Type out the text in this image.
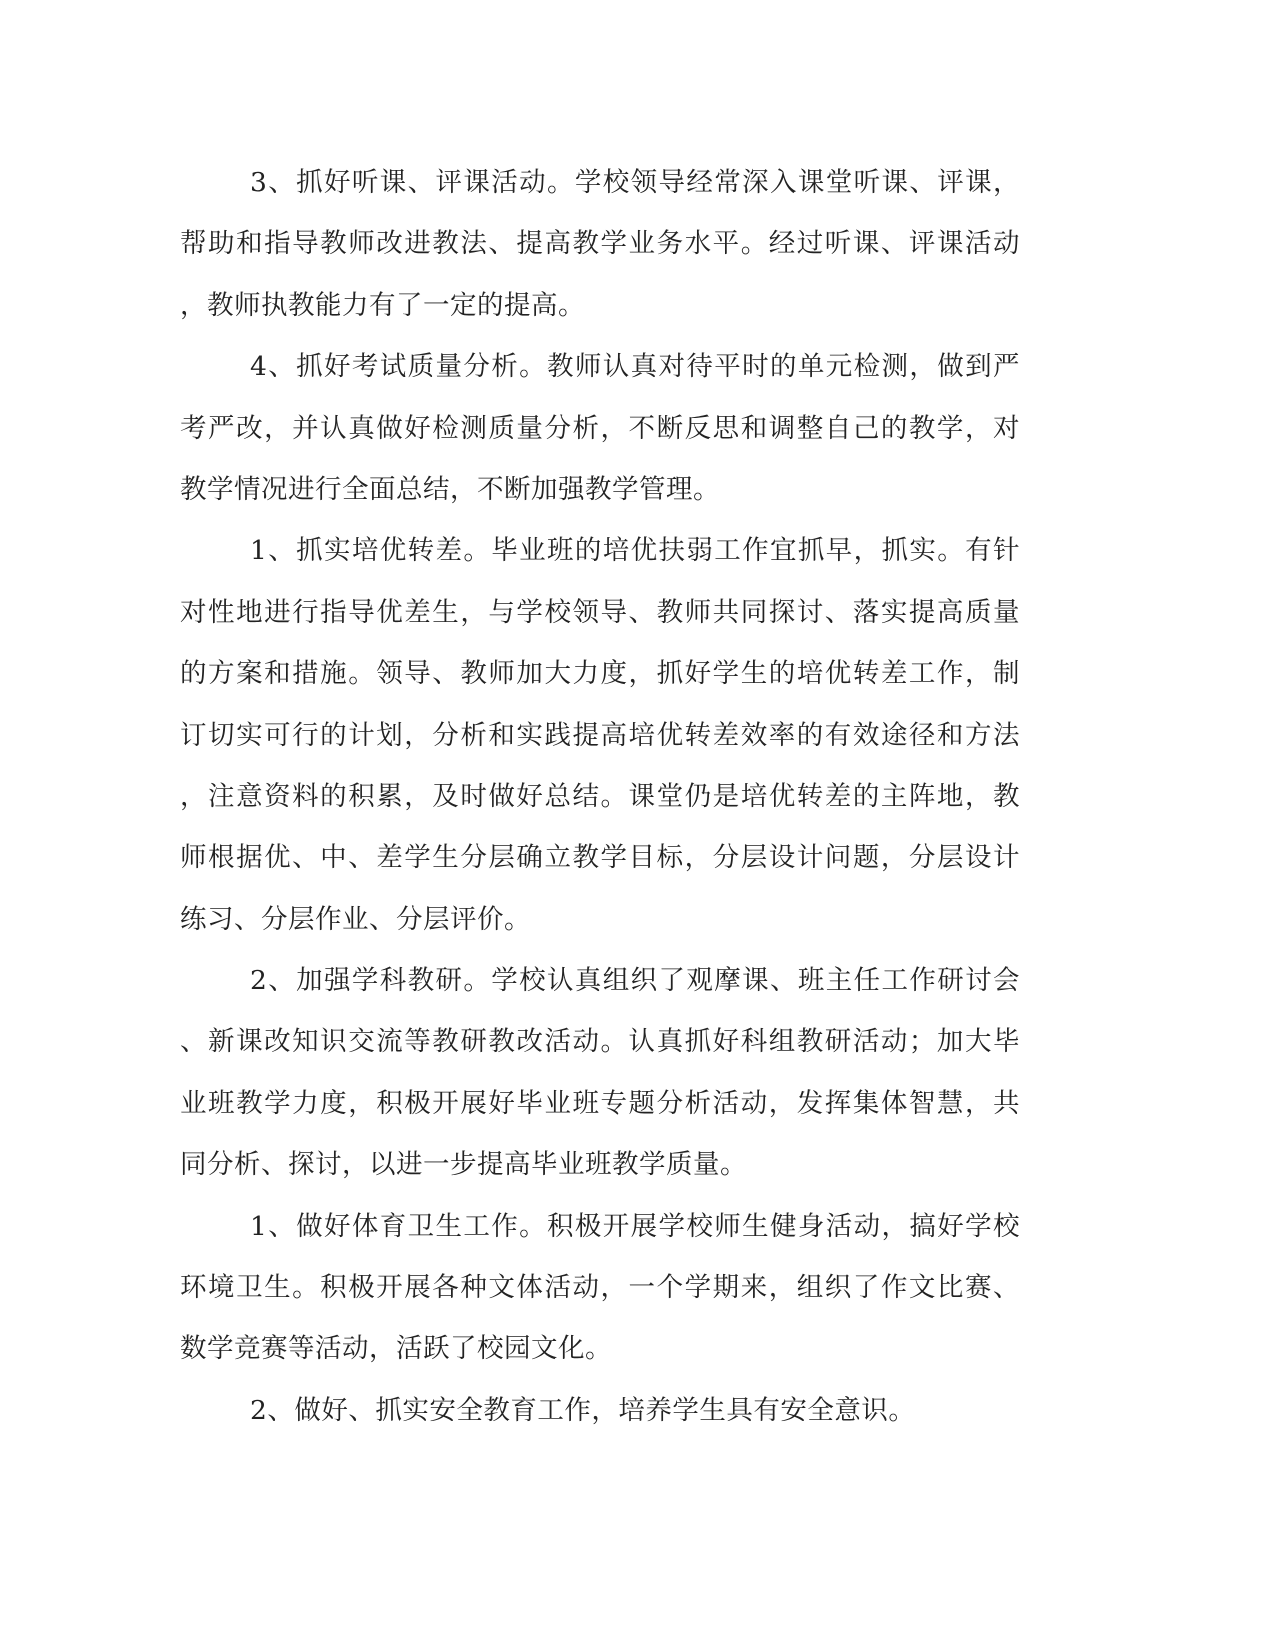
3、抓好听课、评课活动。学校领导经常深入课堂听课、评课，
帮助和指导教师改进教法、提高教学业务水平。经过听课、评课活动
，教师执教能力有了一定的提高。
4、抓好考试质量分析。教师认真对待平时的单元检测，做到严
考严改，并认真做好检测质量分析，不断反思和调整自己的教学，对
教学情况进行全面总结，不断加强教学管理。
1、抓实培优转差。毕业班的培优扶弱工作宜抓早，抓实。有针
对性地进行指导优差生，与学校领导、教师共同探讨、落实提高质量
的方案和措施。领导、教师加大力度，抓好学生的培优转差工作，制
订切实可行的计划，分析和实践提高培优转差效率的有效途径和方法
，注意资料的积累，及时做好总结。课堂仍是培优转差的主阵地，教
师根据优、中、差学生分层确立教学目标，分层设计问题，分层设计
练习、分层作业、分层评价。
2、加强学科教研。学校认真组织了观摩课、班主任工作研讨会
、新课改知识交流等教研教改活动。认真抓好科组教研活动；加大毕
业班教学力度，积极开展好毕业班专题分析活动，发挥集体智慧，共
同分析、探讨，以进一步提高毕业班教学质量。
1、做好体育卫生工作。积极开展学校师生健身活动，搞好学校
环境卫生。积极开展各种文体活动，一个学期来，组织了作文比赛、
数学竞赛等活动，活跃了校园文化。
2、做好、抓实安全教育工作，培养学生具有安全意识。
